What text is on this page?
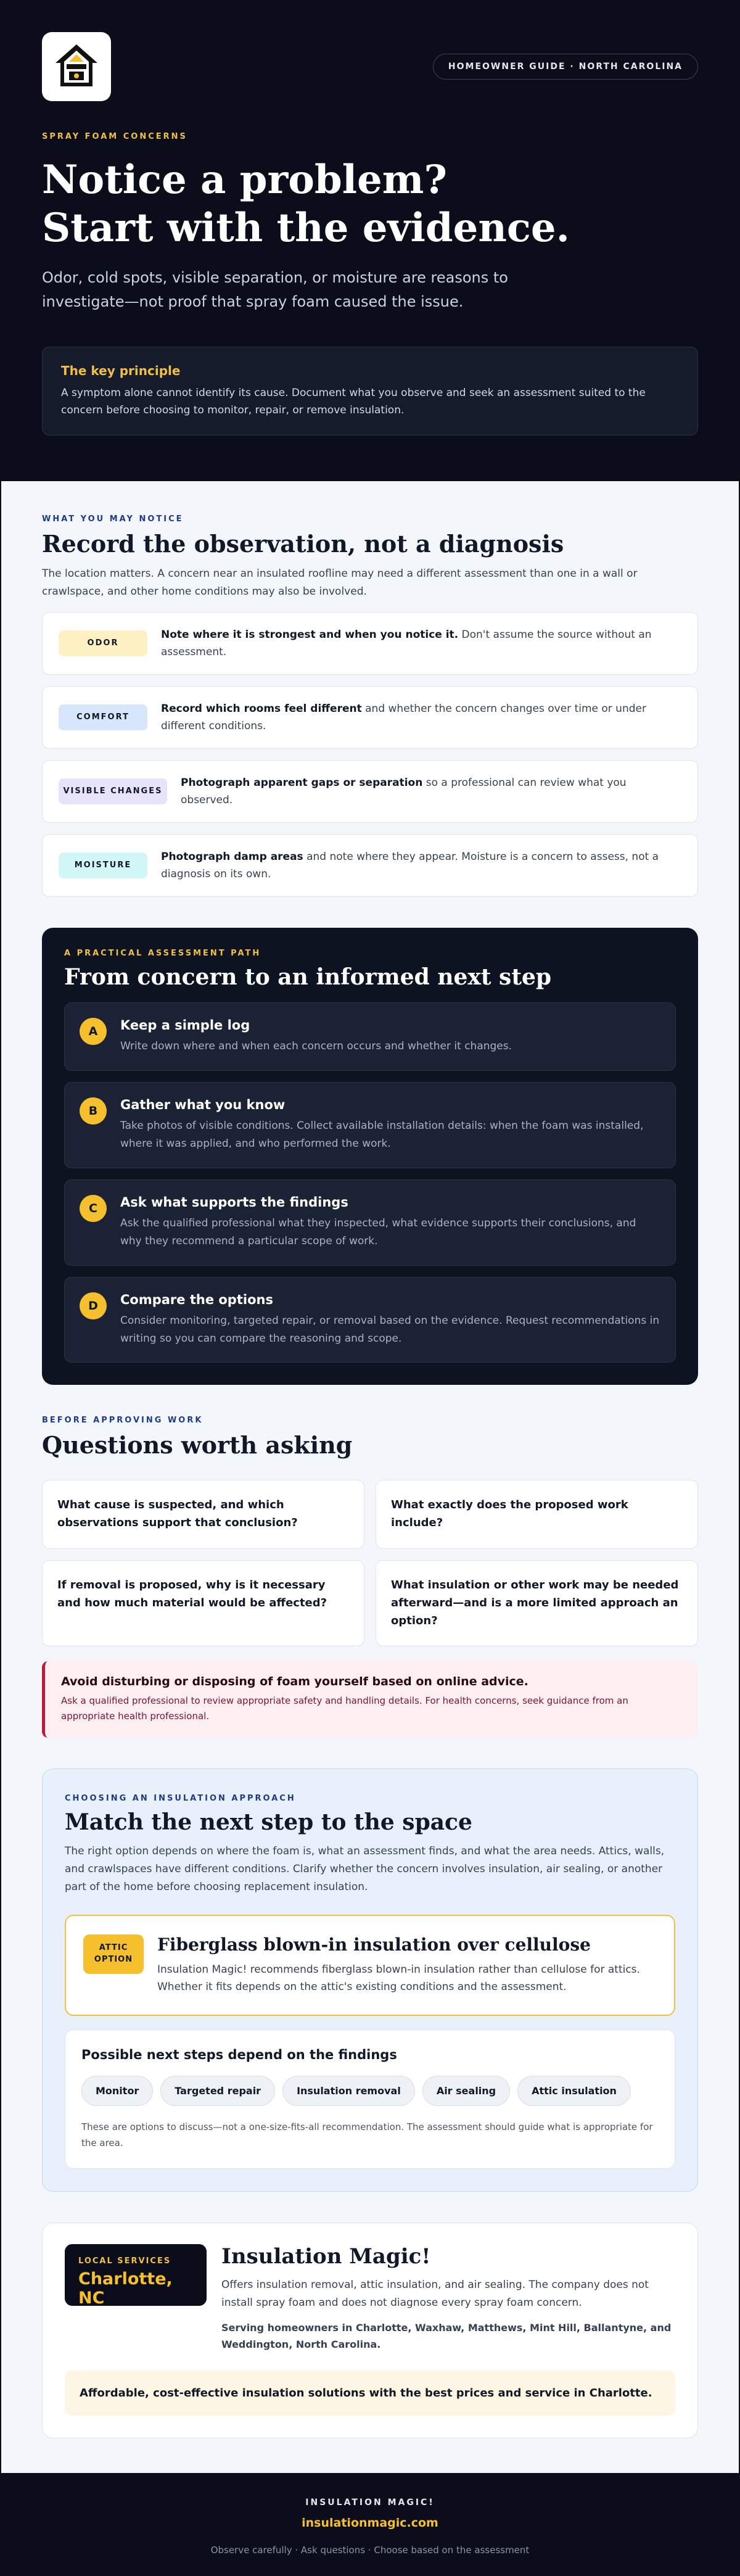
HOMEOWNER GUIDE · NORTH CAROLINA
SPRAY FOAM CONCERNS
Notice a problem?
Start with the evidence.

Odor, cold spots, visible separation, or moisture are reasons to investigate—not proof that spray foam caused the issue.

The key principle
A symptom alone cannot identify its cause. Document what you observe and seek an assessment suited to the concern before choosing to monitor, repair, or remove insulation.
WHAT YOU MAY NOTICE
Record the observation, not a diagnosis

The location matters. A concern near an insulated roofline may need a different assessment than one in a wall or crawlspace, and other home conditions may also be involved.

ODOR
Note where it is strongest and when you notice it. Don't assume the source without an assessment.
COMFORT
Record which rooms feel different and whether the concern changes over time or under different conditions.
VISIBLE CHANGES
Photograph apparent gaps or separation so a professional can review what you observed.
MOISTURE
Photograph damp areas and note where they appear. Moisture is a concern to assess, not a diagnosis on its own.
A PRACTICAL ASSESSMENT PATH
From concern to an informed next step
A	Keep a simple log
Write down where and when each concern occurs and whether it changes.
B	Gather what you know
Take photos of visible conditions. Collect available installation details: when the foam was installed, where it was applied, and who performed the work.
C	Ask what supports the findings
Ask the qualified professional what they inspected, what evidence supports their conclusions, and why they recommend a particular scope of work.
D	Compare the options
Consider monitoring, targeted repair, or removal based on the evidence. Request recommendations in writing so you can compare the reasoning and scope.
BEFORE APPROVING WORK
Questions worth asking
What cause is suspected, and which observations support that conclusion?
What exactly does the proposed work include?
If removal is proposed, why is it necessary and how much material would be affected?
What insulation or other work may be needed afterward—and is a more limited approach an option?
Avoid disturbing or disposing of foam yourself based on online advice.
Ask a qualified professional to review appropriate safety and handling details. For health concerns, seek guidance from an appropriate health professional.
CHOOSING AN INSULATION APPROACH
Match the next step to the space

The right option depends on where the foam is, what an assessment finds, and what the area needs. Attics, walls, and crawlspaces have different conditions. Clarify whether the concern involves insulation, air sealing, or another part of the home before choosing replacement insulation.

ATTIC
OPTION
Fiberglass blown-in insulation over cellulose
Insulation Magic! recommends fiberglass blown-in insulation rather than cellulose for attics. Whether it fits depends on the attic's existing conditions and the assessment.
Possible next steps depend on the findings
Monitor	Targeted repair	Insulation removal	Air sealing	Attic insulation
These are options to discuss—not a one-size-fits-all recommendation. The assessment should guide what is appropriate for the area.
LOCAL SERVICES
Charlotte, NC
Insulation Magic!
Offers insulation removal, attic insulation, and air sealing. The company does not install spray foam and does not diagnose every spray foam concern.
Serving homeowners in Charlotte, Waxhaw, Matthews, Mint Hill, Ballantyne, and Weddington, North Carolina.
Affordable, cost-effective insulation solutions with the best prices and service in Charlotte.
INSULATION MAGIC!
insulationmagic.com
Observe carefully · Ask questions · Choose based on the assessment
